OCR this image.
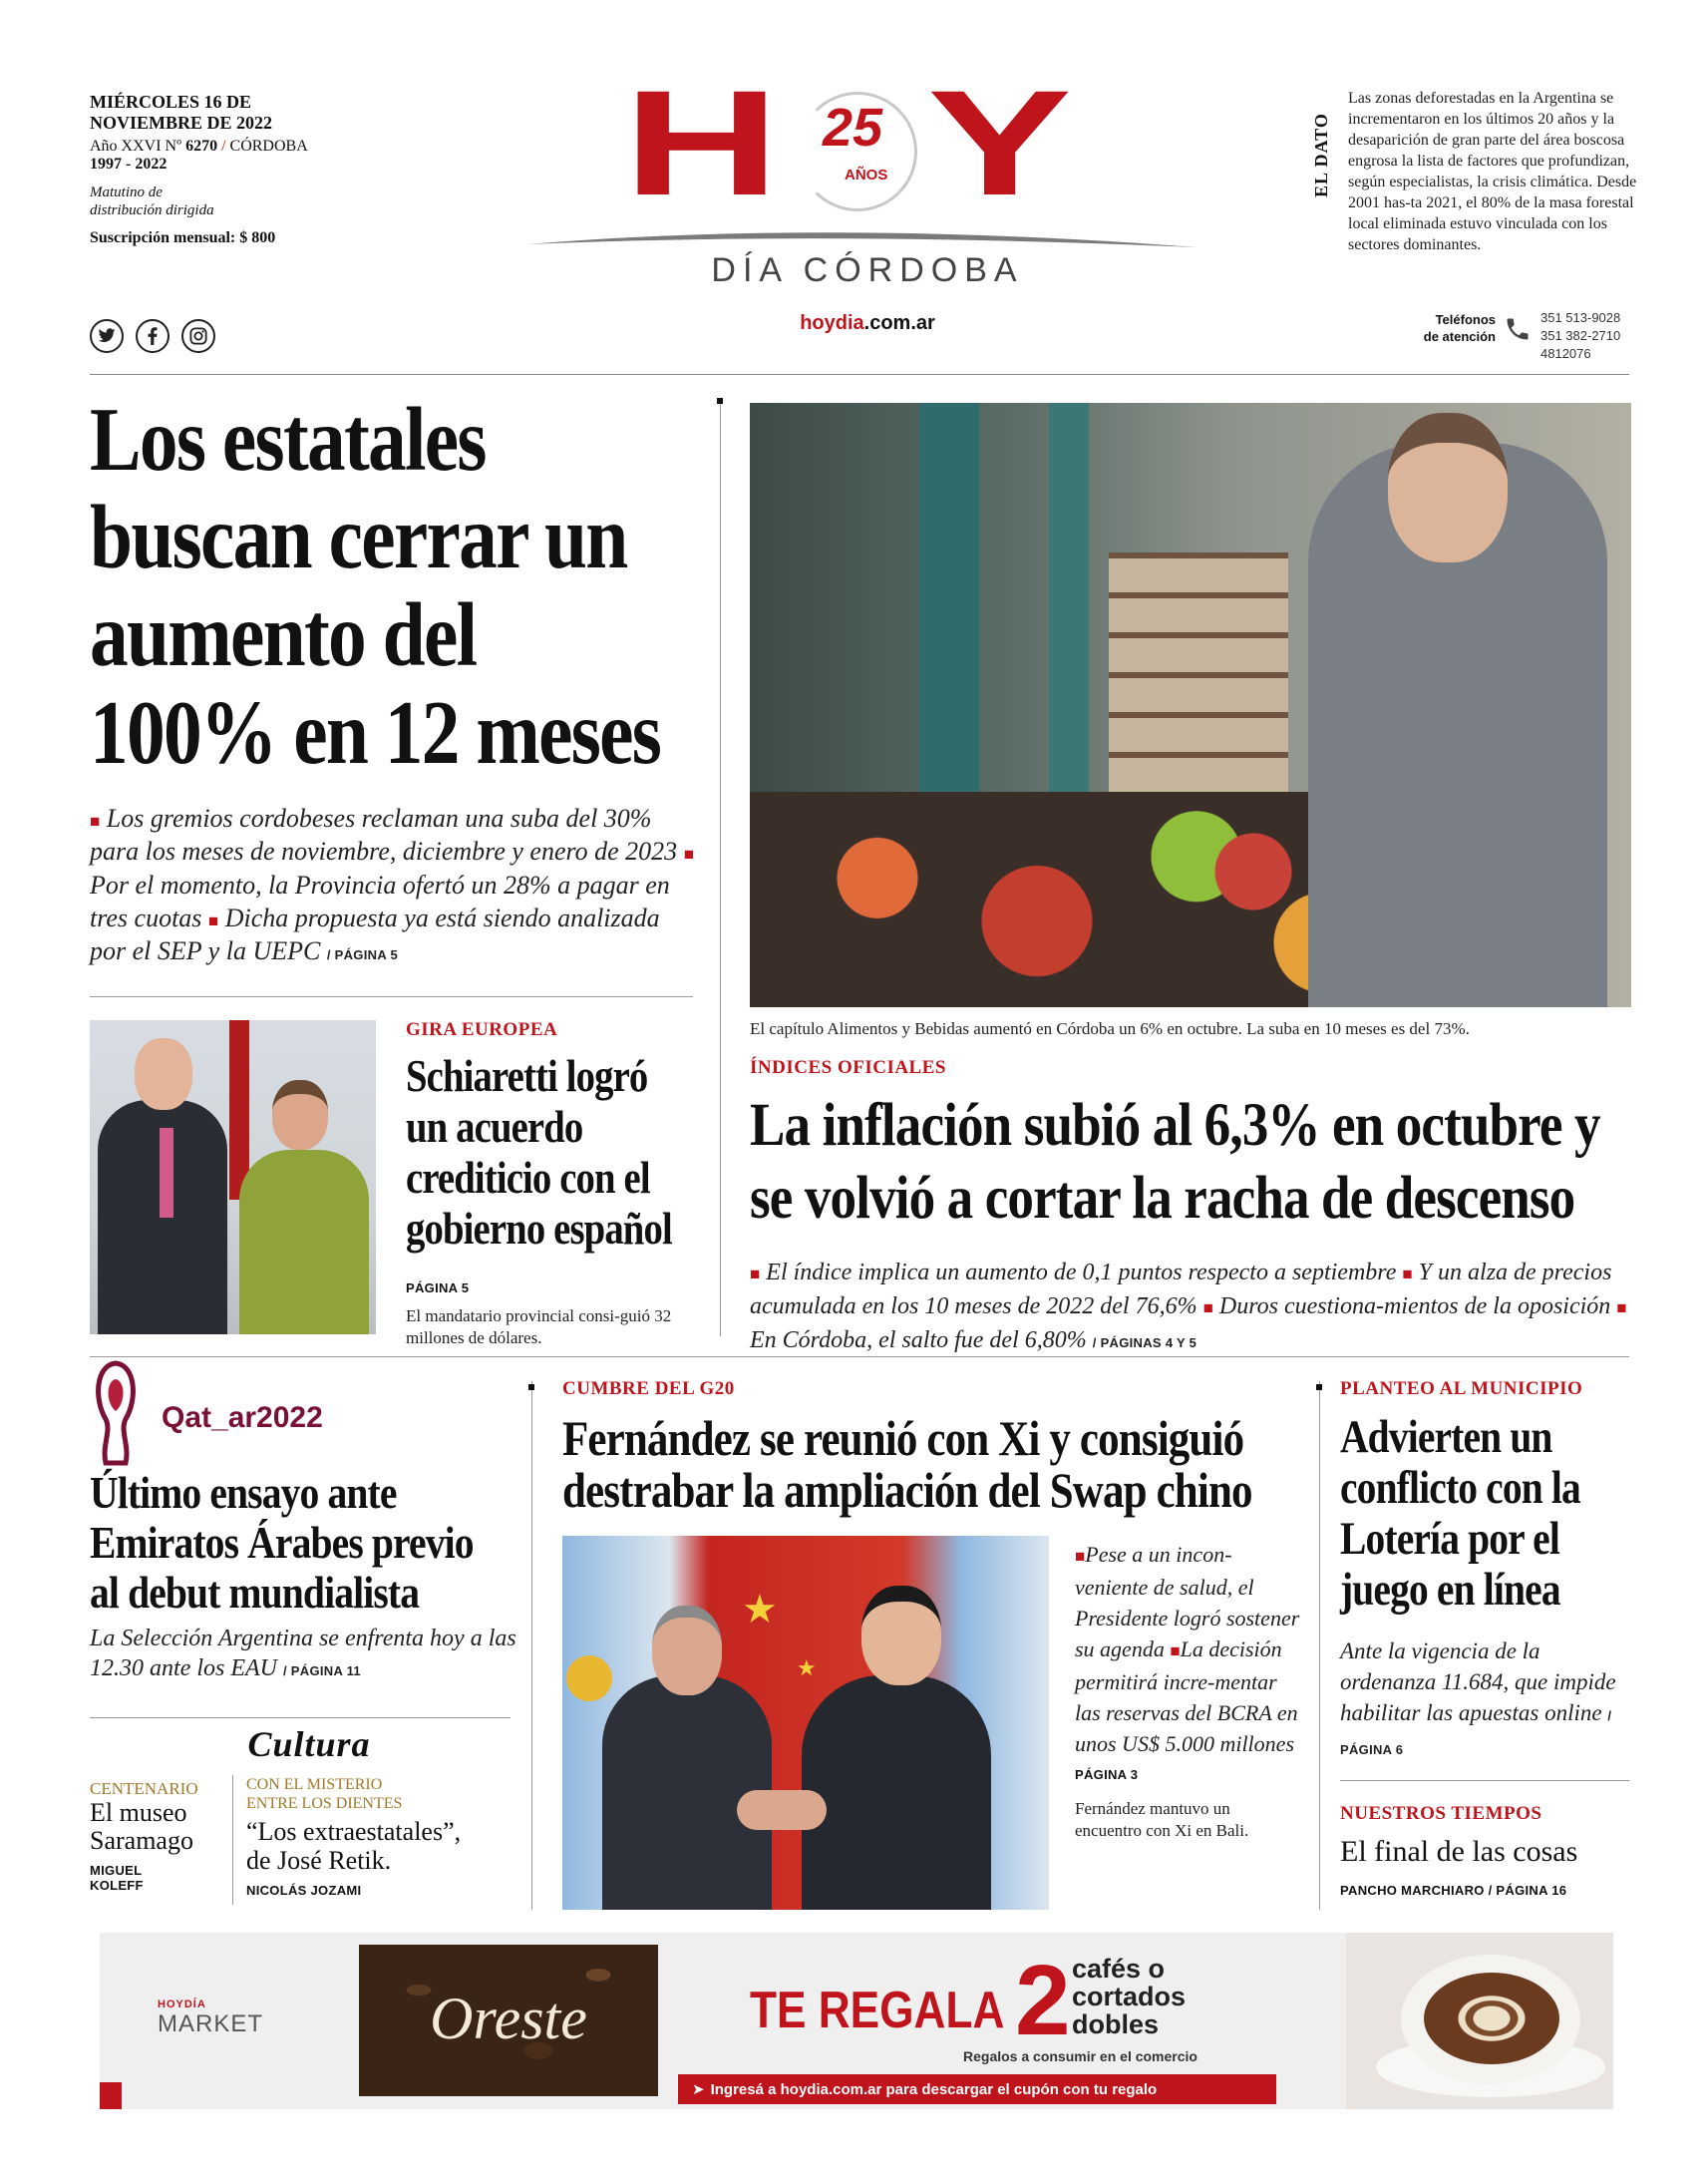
MIÉRCOLES 16 DE
NOVIEMBRE DE 2022
Año XXVI Nº 6270 / CÓRDOBA
1997 - 2022
Matutino de
distribución dirigida
Suscripción mensual: $ 800
H 25
AÑOS Y
DÍA CÓRDOBA
hoydia.com.ar
EL DATO
Las zonas deforestadas en la Argentina se incrementaron en los últimos 20 años y la desaparición de gran parte del área boscosa engrosa la lista de factores que profundizan, según especialistas, la crisis climática. Desde 2001 has-ta 2021, el 80% de la masa forestal local eliminada estuvo vinculada con los sectores dominantes.
Teléfonos
de atención
351 513-9028
351 382-2710
4812076
Los estatales
buscan cerrar un
aumento del
100% en 12 meses
■ Los gremios cordobeses reclaman una suba del 30% para los meses de noviembre, diciembre y enero de 2023 ■ Por el momento, la Provincia ofertó un 28% a pagar en tres cuotas ■ Dicha propuesta ya está siendo analizada por el SEP y la UEPC / PÁGINA 5
GIRA EUROPEA
Schiaretti logró
un acuerdo
crediticio con el
gobierno español
PÁGINA 5
El mandatario provincial consi-guió 32 millones de dólares.
El capítulo Alimentos y Bebidas aumentó en Córdoba un 6% en octubre. La suba en 10 meses es del 73%.
ÍNDICES OFICIALES
La inflación subió al 6,3% en octubre y
se volvió a cortar la racha de descenso
■ El índice implica un aumento de 0,1 puntos respecto a septiembre ■ Y un alza de precios acumulada en los 10 meses de 2022 del 76,6% ■ Duros cuestiona-mientos de la oposición ■ En Córdoba, el salto fue del 6,80% / PÁGINAS 4 Y 5
Qat_ar2022
Último ensayo ante
Emiratos Árabes previo
al debut mundialista
La Selección Argentina se enfrenta hoy a las 12.30 ante los EAU / PÁGINA 11
Cultura
CENTENARIO
El museo
Saramago
MIGUEL
KOLEFF
CON EL MISTERIO
ENTRE LOS DIENTES
“Los extraestatales”,
de José Retik.
NICOLÁS JOZAMI
CUMBRE DEL G20
Fernández se reunió con Xi y consiguió
destrabar la ampliación del Swap chino
★
★
■Pese a un incon-veniente de salud, el Presidente logró sostener su agenda ■La decisión permitirá incre-mentar las reservas del BCRA en unos US$ 5.000 millones
PÁGINA 3
Fernández mantuvo un encuentro con Xi en Bali.
PLANTEO AL MUNICIPIO
Advierten un
conflicto con la
Lotería por el
juego en línea
Ante la vigencia de la ordenanza 11.684, que impide habilitar las apuestas online / PÁGINA 6
NUESTROS TIEMPOS
El final de las cosas
PANCHO MARCHIARO / PÁGINA 16
HOYDÍA
MARKET	Oreste	TE REGALA 2 cafés o
cortados
dobles
Regalos a consumir en el comercio
➤ Ingresá a hoydia.com.ar para descargar el cupón con tu regalo
